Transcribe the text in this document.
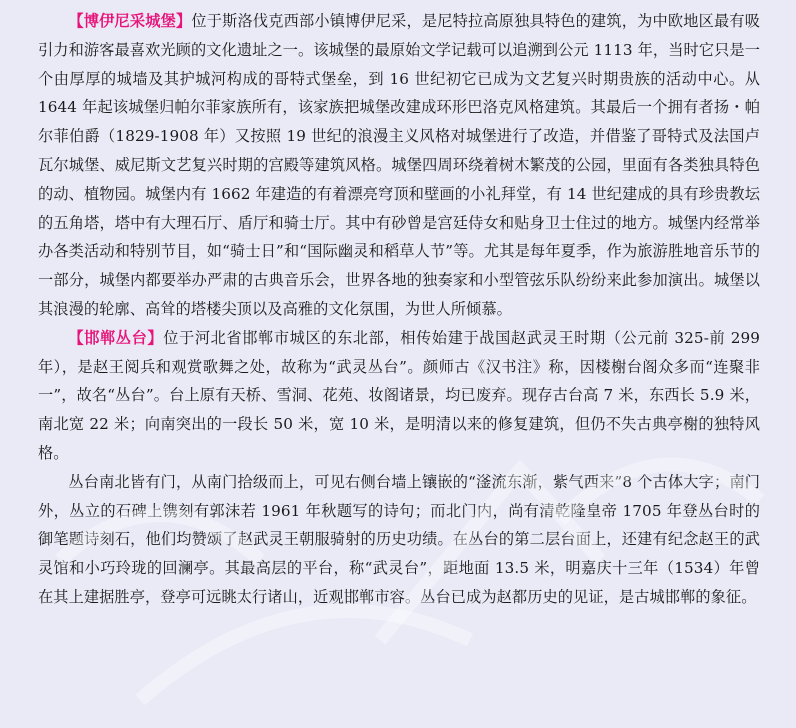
【博伊尼采城堡】位于斯洛伐克西部小镇博伊尼采，是尼特拉高原独具特色的建筑，为中欧地区最有吸引力和游客最喜欢光顾的文化遗址之一。该城堡的最原始文学记载可以追溯到公元 1113 年，当时它只是一个由厚厚的城墙及其护城河构成的哥特式堡垒，到 16 世纪初它已成为文艺复兴时期贵族的活动中心。从 1644 年起该城堡归帕尔菲家族所有，该家族把城堡改建成环形巴洛克风格建筑。其最后一个拥有者扬・帕尔菲伯爵（1829-1908 年）又按照 19 世纪的浪漫主义风格对城堡进行了改造，并借鉴了哥特式及法国卢瓦尔城堡、威尼斯文艺复兴时期的宫殿等建筑风格。城堡四周环绕着树木繁茂的公园，里面有各类独具特色的动、植物园。城堡内有 1662 年建造的有着漂亮穹顶和壁画的小礼拜堂，有 14 世纪建成的具有珍贵教坛的五角塔，塔中有大理石厅、盾厅和骑士厅。其中有砂曾是宫廷侍女和贴身卫士住过的地方。城堡内经常举办各类活动和特别节目，如“骑士日”和“国际幽灵和稻草人节”等。尤其是每年夏季，作为旅游胜地音乐节的一部分，城堡内都要举办严肃的古典音乐会，世界各地的独奏家和小型管弦乐队纷纷来此参加演出。城堡以其浪漫的轮廓、高耸的塔楼尖顶以及高雅的文化氛围，为世人所倾慕。

【邯郸丛台】位于河北省邯郸市城区的东北部，相传始建于战国赵武灵王时期（公元前 325-前 299 年），是赵王阅兵和观赏歌舞之处，故称为“武灵丛台”。颜师古《汉书注》称，因楼榭台阁众多而“连聚非一”，故名“丛台”。台上原有天桥、雪洞、花苑、妆阁诸景，均已废弃。现存古台高 7 米，东西长 5.9 米，南北宽 22 米；向南突出的一段长 50 米，宽 10 米，是明清以来的修复建筑，但仍不失古典亭榭的独特风格。

丛台南北皆有门，从南门拾级而上，可见右侧台墙上镶嵌的“滏流东渐，紫气西来”8 个古体大字；南门外，丛立的石碑上镌刻有郭沫若 1961 年秋题写的诗句；而北门内，尚有清乾隆皇帝 1705 年登丛台时的御笔题诗刻石，他们均赞颂了赵武灵王朝服骑射的历史功绩。在丛台的第二层台面上，还建有纪念赵王的武灵馆和小巧玲珑的回澜亭。其最高层的平台，称“武灵台”，距地面 13.5 米，明嘉庆十三年（1534）年曾在其上建据胜亭，登亭可远眺太行诸山，近观邯郸市容。丛台已成为赵都历史的见证，是古城邯郸的象征。
